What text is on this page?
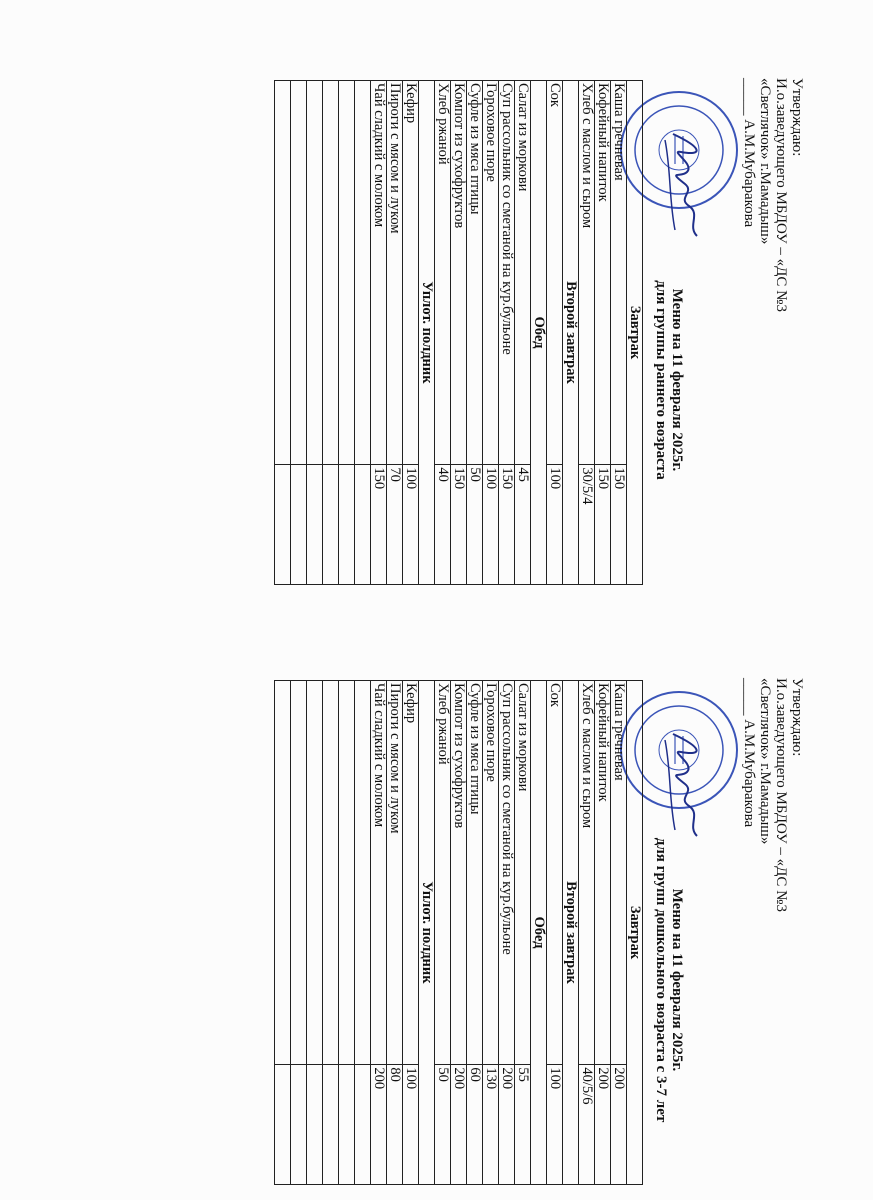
Утверждаю:
И.о.заведующего МБДОУ – «ДС №3
«Светлячок» г.Мамадыш»
_____ А.М.Мубаракова
Меню на 11 февраля 2025г.
для группы раннего возраста
Завтрак	
Каша гречневая	150
Кофейный напиток	150
Хлеб с маслом и сыром	30/5/4
Второй завтрак	
Сок	100
Обед	
Салат из моркови	45
Суп рассольник со сметаной на кур.бульоне	150
Гороховое пюре	100
Суфле из мяса птицы	50
Компот из сухофруктов	150
Хлеб ржаной	40
Уплот. полдник	
Кефир	100
Пироги с мясом и луком	70
Чай сладкий с молоком	150

Утверждаю:
И.о.заведующего МБДОУ – «ДС №3
«Светлячок» г.Мамадыш»
_____ А.М.Мубаракова
Меню на 11 февраля 2025г.
для групп дошкольного возраста с 3-7 лет
Завтрак	
Каша гречневая	200
Кофейный напиток	200
Хлеб с маслом и сыром	40/5/6
Второй завтрак	
Сок	100
Обед	
Салат из моркови	55
Суп рассольник со сметаной на кур.бульоне	200
Гороховое пюре	130
Суфле из мяса птицы	60
Компот из сухофруктов	200
Хлеб ржаной	50
Уплот. полдник	
Кефир	100
Пироги с мясом и луком	80
Чай сладкий с молоком	200
